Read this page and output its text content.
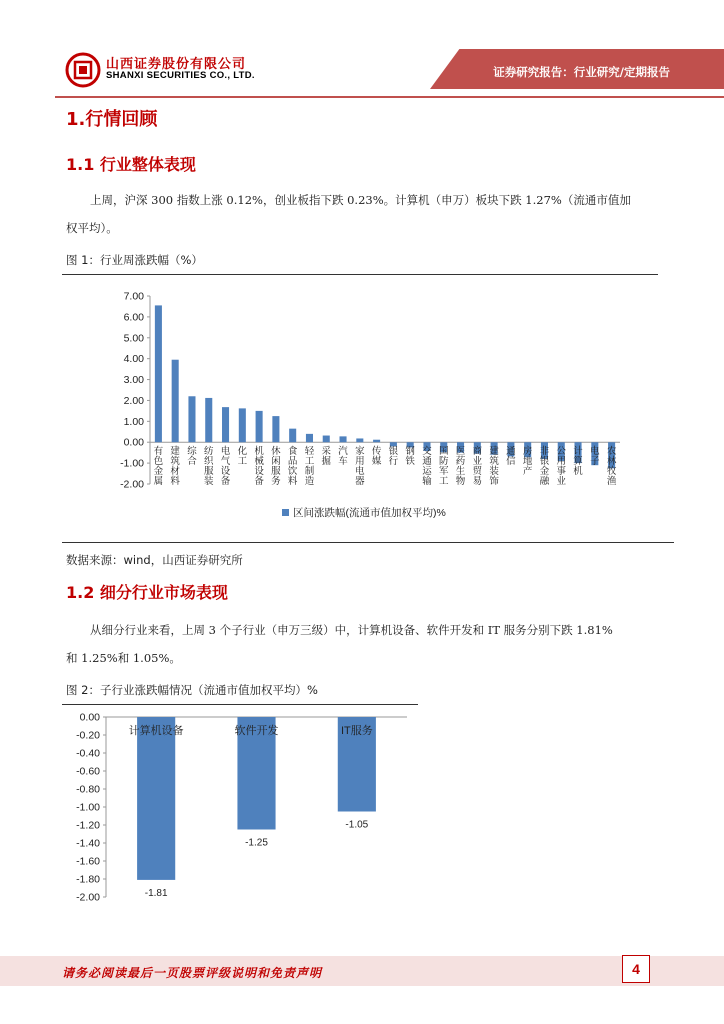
山西证券股份有限公司
SHANXI SECURITIES CO., LTD.	证券研究报告：行业研究/定期报告
1.行情回顾
1.1 行业整体表现
上周，沪深 300 指数上涨 0.12%，创业板指下跌 0.23%。计算机（申万）板块下跌 1.27%（流通市值加
权平均）。
图 1：行业周涨跌幅（%）
7.00
6.00
5.00
4.00
3.00
2.00
1.00
0.00
-1.00
-2.00
有色金属
建筑材料
综合
纺织服装
电气设备
化工
机械设备
休闲服务
食品饮料
轻工制造
采掘
汽车
家用电器
传媒
银行
钢铁
交通运输
国防军工
医药生物
商业贸易
建筑装饰
通信
房地产
非银金融
公用事业
计算机
电子
农林牧渔
区间涨跌幅(流通市值加权平均)%
数据来源：wind，山西证券研究所
1.2 细分行业市场表现
从细分行业来看，上周 3 个子行业（申万三级）中，计算机设备、软件开发和 IT 服务分别下跌 1.81%
和 1.25%和 1.05%。
图 2：子行业涨跌幅情况（流通市值加权平均）%
0.00
-0.20
-0.40
-0.60
-0.80
-1.00
-1.20
-1.40
-1.60
-1.80
-2.00
计算机设备
-1.81
软件开发
-1.25
IT服务
-1.05
请务必阅读最后一页股票评级说明和免责声明	4
